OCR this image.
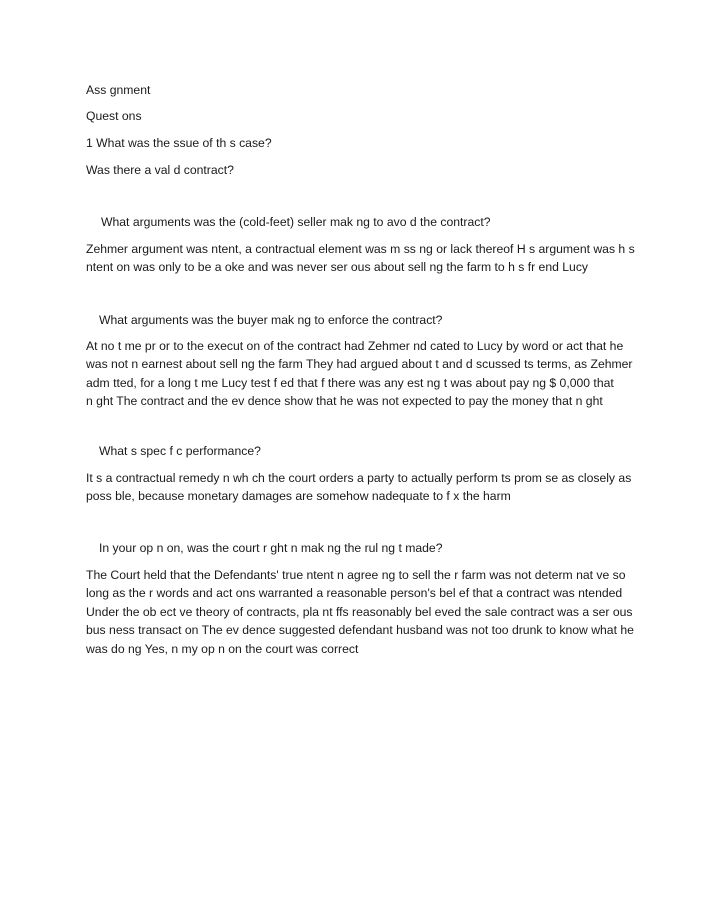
Ass gnment

Quest ons

1 What was the ssue of th s case?

Was there a val d contract?

What arguments was the (cold-feet) seller mak ng to avo d the contract?

Zehmer argument was ntent, a contractual element was m ss ng or lack thereof H s argument was h s
ntent on was only to be a oke and was never ser ous about sell ng the farm to h s fr end Lucy

What arguments was the buyer mak ng to enforce the contract?

At no t me pr or to the execut on of the contract had Zehmer nd cated to Lucy by word or act that he
was not n earnest about sell ng the farm They had argued about t and d scussed ts terms, as Zehmer
adm tted, for a long t me Lucy test f ed that f there was any est ng t was about pay ng $ 0,000 that
n ght The contract and the ev dence show that he was not expected to pay the money that n ght

What s spec f c performance?

It s a contractual remedy n wh ch the court orders a party to actually perform ts prom se as closely as
poss ble, because monetary damages are somehow nadequate to f x the harm

In your op n on, was the court r ght n mak ng the rul ng t made?

The Court held that the Defendants' true ntent n agree ng to sell the r farm was not determ nat ve so
long as the r words and act ons warranted a reasonable person's bel ef that a contract was ntended
Under the ob ect ve theory of contracts, pla nt ffs reasonably bel eved the sale contract was a ser ous
bus ness transact on The ev dence suggested defendant husband was not too drunk to know what he
was do ng Yes, n my op n on the court was correct
